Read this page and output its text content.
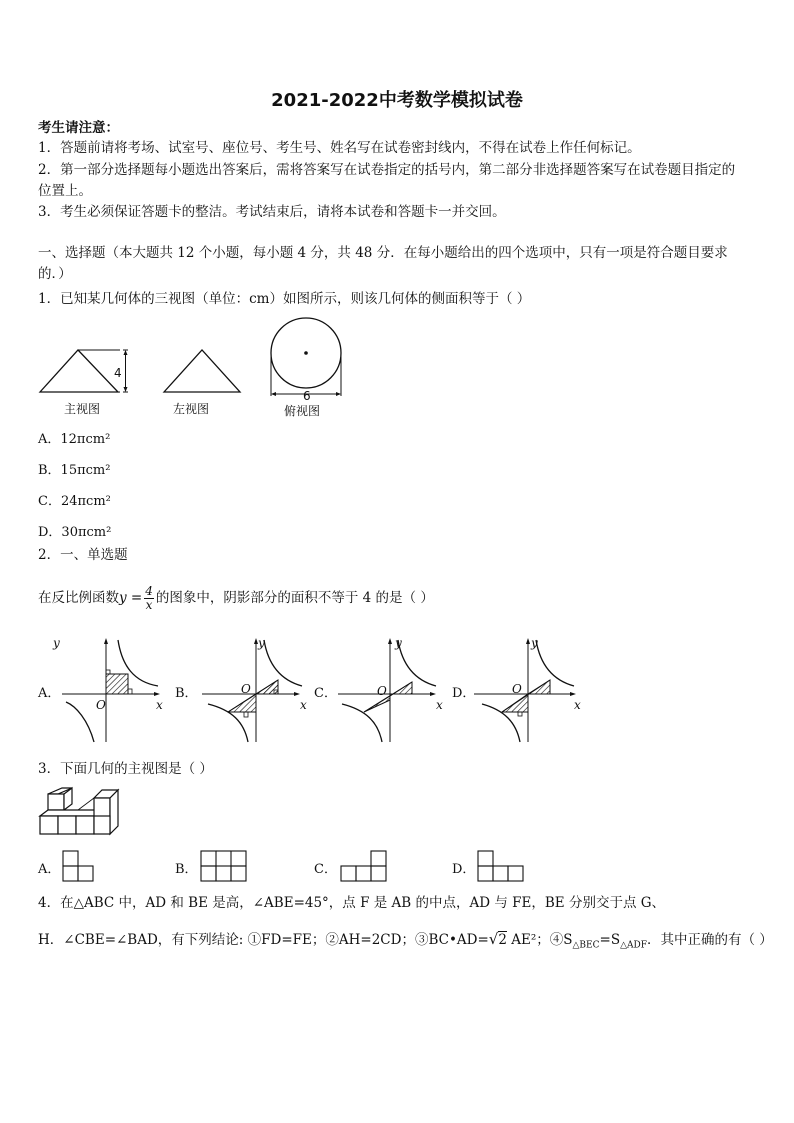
2021-2022中考数学模拟试卷
考生请注意：
1．答题前请将考场、试室号、座位号、考生号、姓名写在试卷密封线内，不得在试卷上作任何标记。
2．第一部分选择题每小题选出答案后，需将答案写在试卷指定的括号内，第二部分非选择题答案写在试卷题目指定的
位置上。
3．考生必须保证答题卡的整洁。考试结束后，请将本试卷和答题卡一并交回。
一、选择题（本大题共 12 个小题，每小题 4 分，共 48 分．在每小题给出的四个选项中，只有一项是符合题目要求
的．）
1．已知某几何体的三视图（单位：cm）如图所示，则该几何体的侧面积等于（ ）
4
主视图	左视图
6
俯视图
A．12πcm²
B．15πcm²
C．24πcm²
D．30πcm²
2．一、单选题
在反比例函数$y = \frac{4}{x}$ 的图象中，阴影部分的面积不等于 4 的是（ ）
A．
y
x
O
B．
y
x
O	C．
y
x
O	D．
y
x
O
3．下面几何的主视图是（ ）
A．	B．	C．	D．
4．在△ABC 中，AD 和 BE 是高，∠ABE=45°，点 F 是 AB 的中点，AD 与 FE，BE 分别交于点 G、
H．∠CBE=∠BAD，有下列结论: ①FD=FE；②AH=2CD；③BC•AD=√2 AE²；$④S_{\triangle BEC}=S_{\triangle ADF}$．其中正确的有（ ）
